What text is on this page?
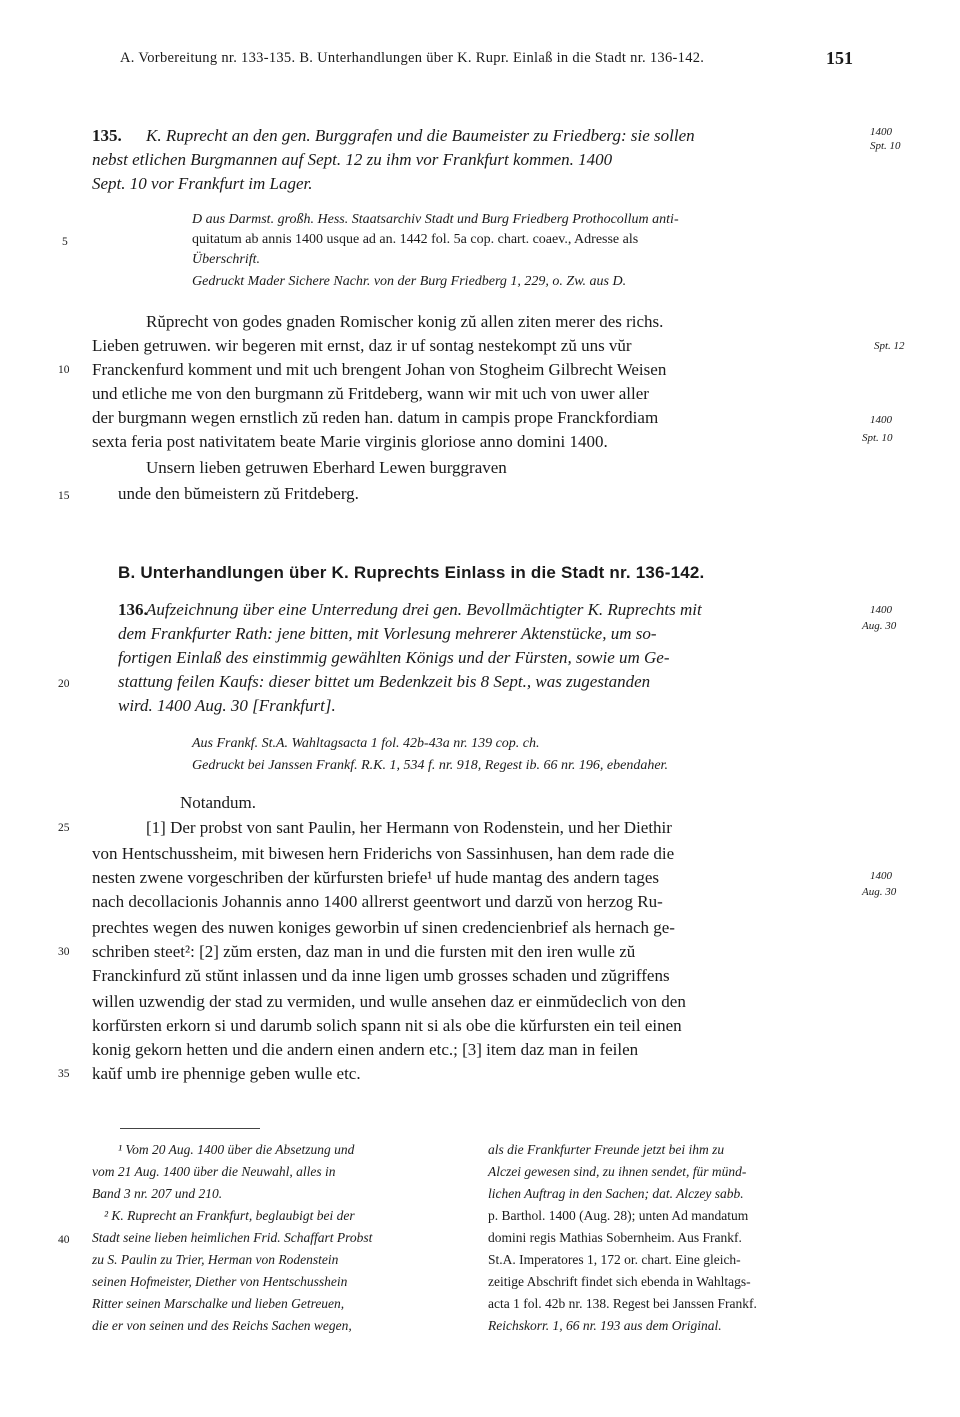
A. Vorbereitung nr. 133-135. B. Unterhandlungen über K. Rupr. Einlaß in die Stadt nr. 136-142.	151
135. K. Ruprecht an den gen. Burggrafen und die Baumeister zu Friedberg: sie sollen
nebst etlichen Burgmannen auf Sept. 12 zu ihm vor Frankfurt kommen. 1400
Sept. 10 vor Frankfurt im Lager.
D aus Darmst. großh. Hess. Staatsarchiv Stadt und Burg Friedberg Prothocollum anti-
quitatum ab annis 1400 usque ad an. 1442 fol. 5a cop. chart. coaev., Adresse als
Überschrift.
Gedruckt Mader Sichere Nachr. von der Burg Friedberg 1, 229, o. Zw. aus D.
Rŭprecht von godes gnaden Romischer konig zŭ allen ziten merer des richs.
Lieben getruwen. wir begeren mit ernst, daz ir uf sontag nestekompt zŭ uns vŭr
Franckenfurd komment und mit uch brengent Johan von Stogheim Gilbrecht Weisen
und etliche me von den burgmann zŭ Fritdeberg, wann wir mit uch von uwer aller
der burgmann wegen ernstlich zŭ reden han. datum in campis prope Franckfordiam
sexta feria post nativitatem beate Marie virginis gloriose anno domini 1400.
Unsern lieben getruwen Eberhard Lewen burggraven
unde den bŭmeistern zŭ Fritdeberg.
B. Unterhandlungen über K. Ruprechts Einlass in die Stadt nr. 136-142.
136.
Aufzeichnung über eine Unterredung drei gen. Bevollmächtigter K. Ruprechts mit
dem Frankfurter Rath: jene bitten, mit Vorlesung mehrerer Aktenstücke, um so-
fortigen Einlaß des einstimmig gewählten Königs und der Fürsten, sowie um Ge-
stattung feilen Kaufs: dieser bittet um Bedenkzeit bis 8 Sept., was zugestanden
wird. 1400 Aug. 30 [Frankfurt].
Aus Frankf. St.A. Wahltagsacta 1 fol. 42b-43a nr. 139 cop. ch.
Gedruckt bei Janssen Frankf. R.K. 1, 534 f. nr. 918, Regest ib. 66 nr. 196, ebendaher.
Notandum.
[1] Der probst von sant Paulin, her Hermann von Rodenstein, und her Diethir
von Hentschussheim, mit biwesen hern Friderichs von Sassinhusen, han dem rade die
nesten zwene vorgeschriben der kŭrfursten briefe¹ uf hude mantag des andern tages
nach decollacionis Johannis anno 1400 allrerst geentwort und darzŭ von herzog Ru-
prechtes wegen des nuwen koniges geworbin uf sinen credencienbrief als hernach ge-
schriben steet²: [2] zŭm ersten, daz man in und die fursten mit den iren wulle zŭ
Franckinfurd zŭ stŭnt inlassen und da inne ligen umb grosses schaden und zŭgriffens
willen uzwendig der stad zu vermiden, und wulle ansehen daz er einmŭdeclich von den
korfŭrsten erkorn si und darumb solich spann nit si als obe die kŭrfursten ein teil einen
konig gekorn hetten und die andern einen andern etc.; [3] item daz man in feilen
kaŭf umb ire phennige geben wulle etc.
¹ Vom 20 Aug. 1400 über die Absetzung und
vom 21 Aug. 1400 über die Neuwahl, alles in
Band 3 nr. 207 und 210.
² K. Ruprecht an Frankfurt, beglaubigt bei der
Stadt seine lieben heimlichen Frid. Schaffart Probst
zu S. Paulin zu Trier, Herman von Rodenstein
seinen Hofmeister, Diether von Hentschusshein
Ritter seinen Marschalke und lieben Getreuen,
die er von seinen und des Reichs Sachen wegen,
als die Frankfurter Freunde jetzt bei ihm zu
Alczei gewesen sind, zu ihnen sendet, für münd-
lichen Auftrag in den Sachen; dat. Alczey sabb.
p. Barthol. 1400 (Aug. 28); unten Ad mandatum
domini regis Mathias Sobernheim. Aus Frankf.
St.A. Imperatores 1, 172 or. chart. Eine gleich-
zeitige Abschrift findet sich ebenda in Wahltags-
acta 1 fol. 42b nr. 138. Regest bei Janssen Frankf.
Reichskorr. 1, 66 nr. 193 aus dem Original.
5
10
15
20
25
30
35
40
1400
Spt. 10
Spt. 12
1400
Spt. 10
1400
Aug. 30
1400
Aug. 30
